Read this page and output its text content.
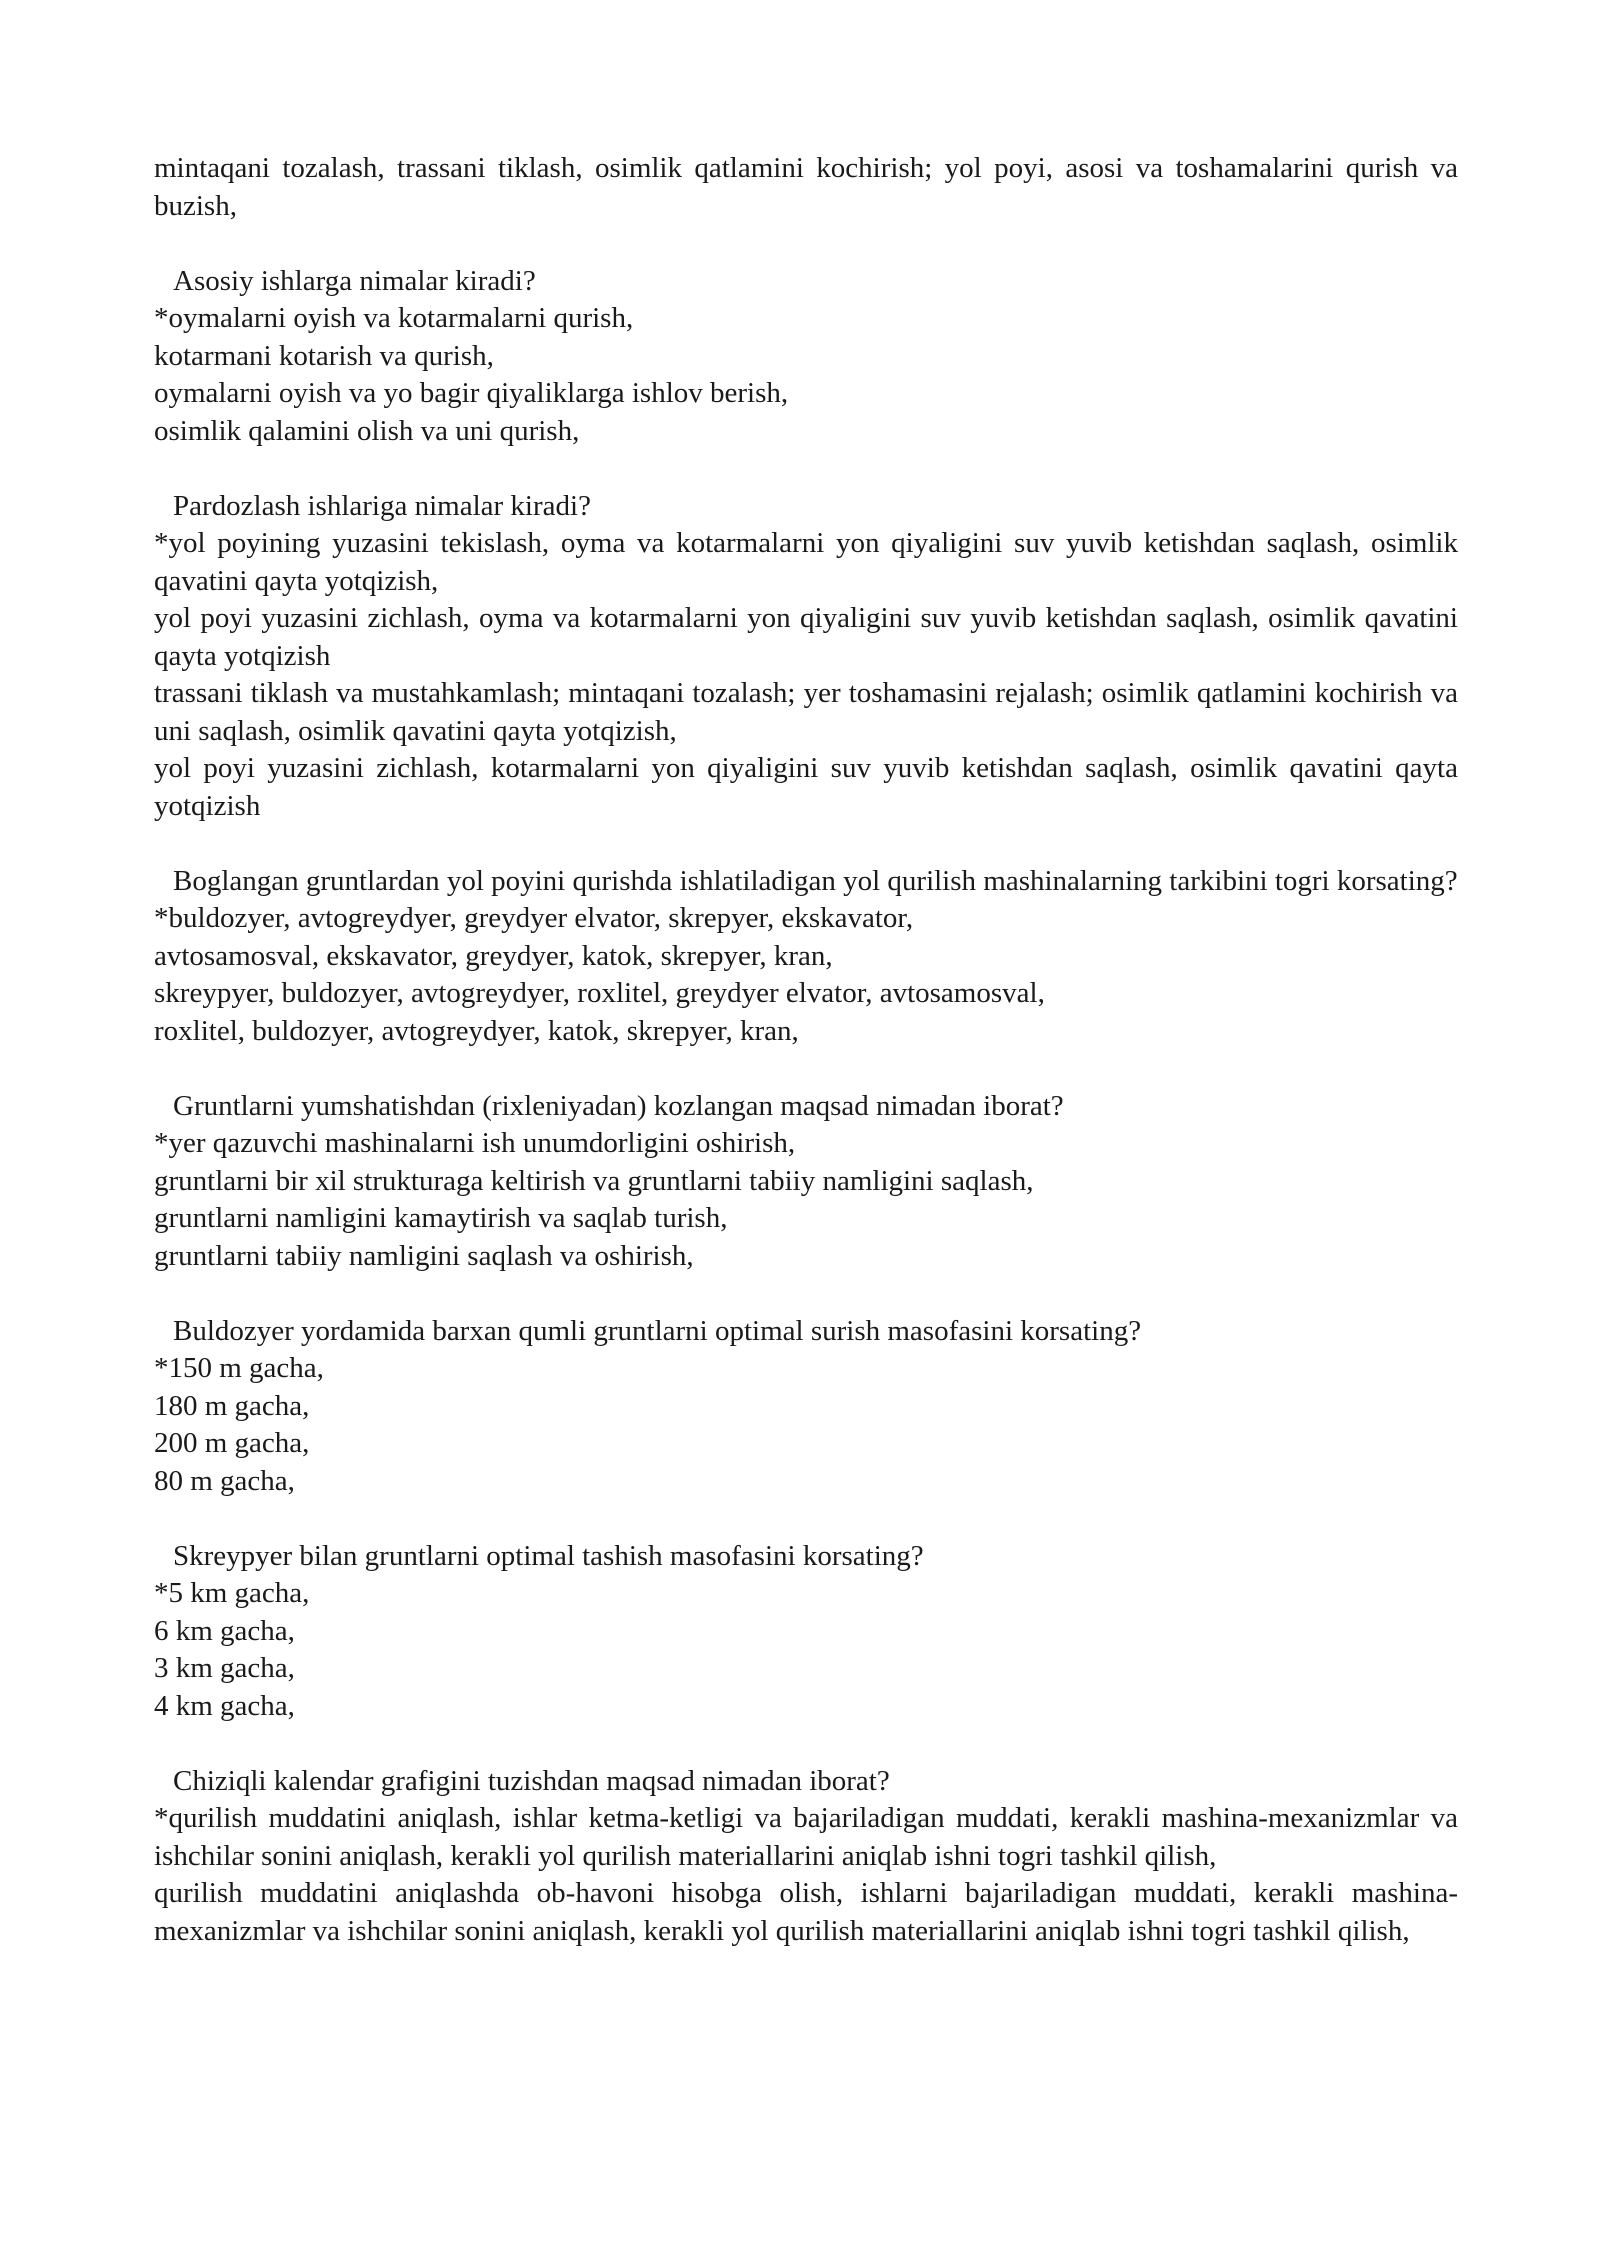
mintaqani tozalash, trassani tiklash, osimlik qatlamini kochirish; yol poyi, asosi va toshamalarini qurish va buzish,
Asosiy ishlarga nimalar kiradi?
*oymalarni oyish va kotarmalarni qurish,
kotarmani kotarish va qurish,
oymalarni oyish va yo bagir qiyaliklarga ishlov berish,
osimlik qalamini olish va uni qurish,
Pardozlash ishlariga nimalar kiradi?
*yol poyining yuzasini tekislash, oyma va kotarmalarni yon qiyaligini suv yuvib ketishdan saqlash, osimlik qavatini qayta yotqizish,
yol poyi yuzasini zichlash, oyma va kotarmalarni yon qiyaligini suv yuvib ketishdan saqlash, osimlik qavatini qayta yotqizish
trassani tiklash va mustahkamlash; mintaqani tozalash; yer toshamasini rejalash; osimlik qatlamini kochirish va uni saqlash, osimlik qavatini qayta yotqizish,
yol poyi yuzasini zichlash, kotarmalarni yon qiyaligini suv yuvib ketishdan saqlash, osimlik qavatini qayta yotqizish
Boglangan gruntlardan yol poyini qurishda ishlatiladigan yol qurilish mashinalarning tarkibini togri korsating?
*buldozyer, avtogreydyer, greydyer elvator, skrepyer, ekskavator,
avtosamosval, ekskavator, greydyer, katok, skrepyer, kran,
skreypyer, buldozyer, avtogreydyer, roxlitel, greydyer elvator, avtosamosval,
roxlitel, buldozyer, avtogreydyer, katok, skrepyer, kran,
Gruntlarni yumshatishdan (rixleniyadan) kozlangan maqsad nimadan iborat?
*yer qazuvchi mashinalarni ish unumdorligini oshirish,
gruntlarni bir xil strukturaga keltirish va gruntlarni tabiiy namligini saqlash,
gruntlarni namligini kamaytirish va saqlab turish,
gruntlarni tabiiy namligini saqlash va oshirish,
Buldozyer yordamida barxan qumli gruntlarni optimal surish masofasini korsating?
*150 m gacha,
180 m gacha,
200 m gacha,
80 m gacha,
Skreypyer bilan gruntlarni optimal tashish masofasini korsating?
*5 km gacha,
6 km gacha,
3 km gacha,
4 km gacha,
Chiziqli kalendar grafigini tuzishdan maqsad nimadan iborat?
*qurilish muddatini aniqlash, ishlar ketma-ketligi va bajariladigan muddati, kerakli mashina-mexanizmlar va ishchilar sonini aniqlash, kerakli yol qurilish materiallarini aniqlab ishni togri tashkil qilish,
qurilish muddatini aniqlashda ob-havoni hisobga olish, ishlarni bajariladigan muddati, kerakli mashina-mexanizmlar va ishchilar sonini aniqlash, kerakli yol qurilish materiallarini aniqlab ishni togri tashkil qilish,
